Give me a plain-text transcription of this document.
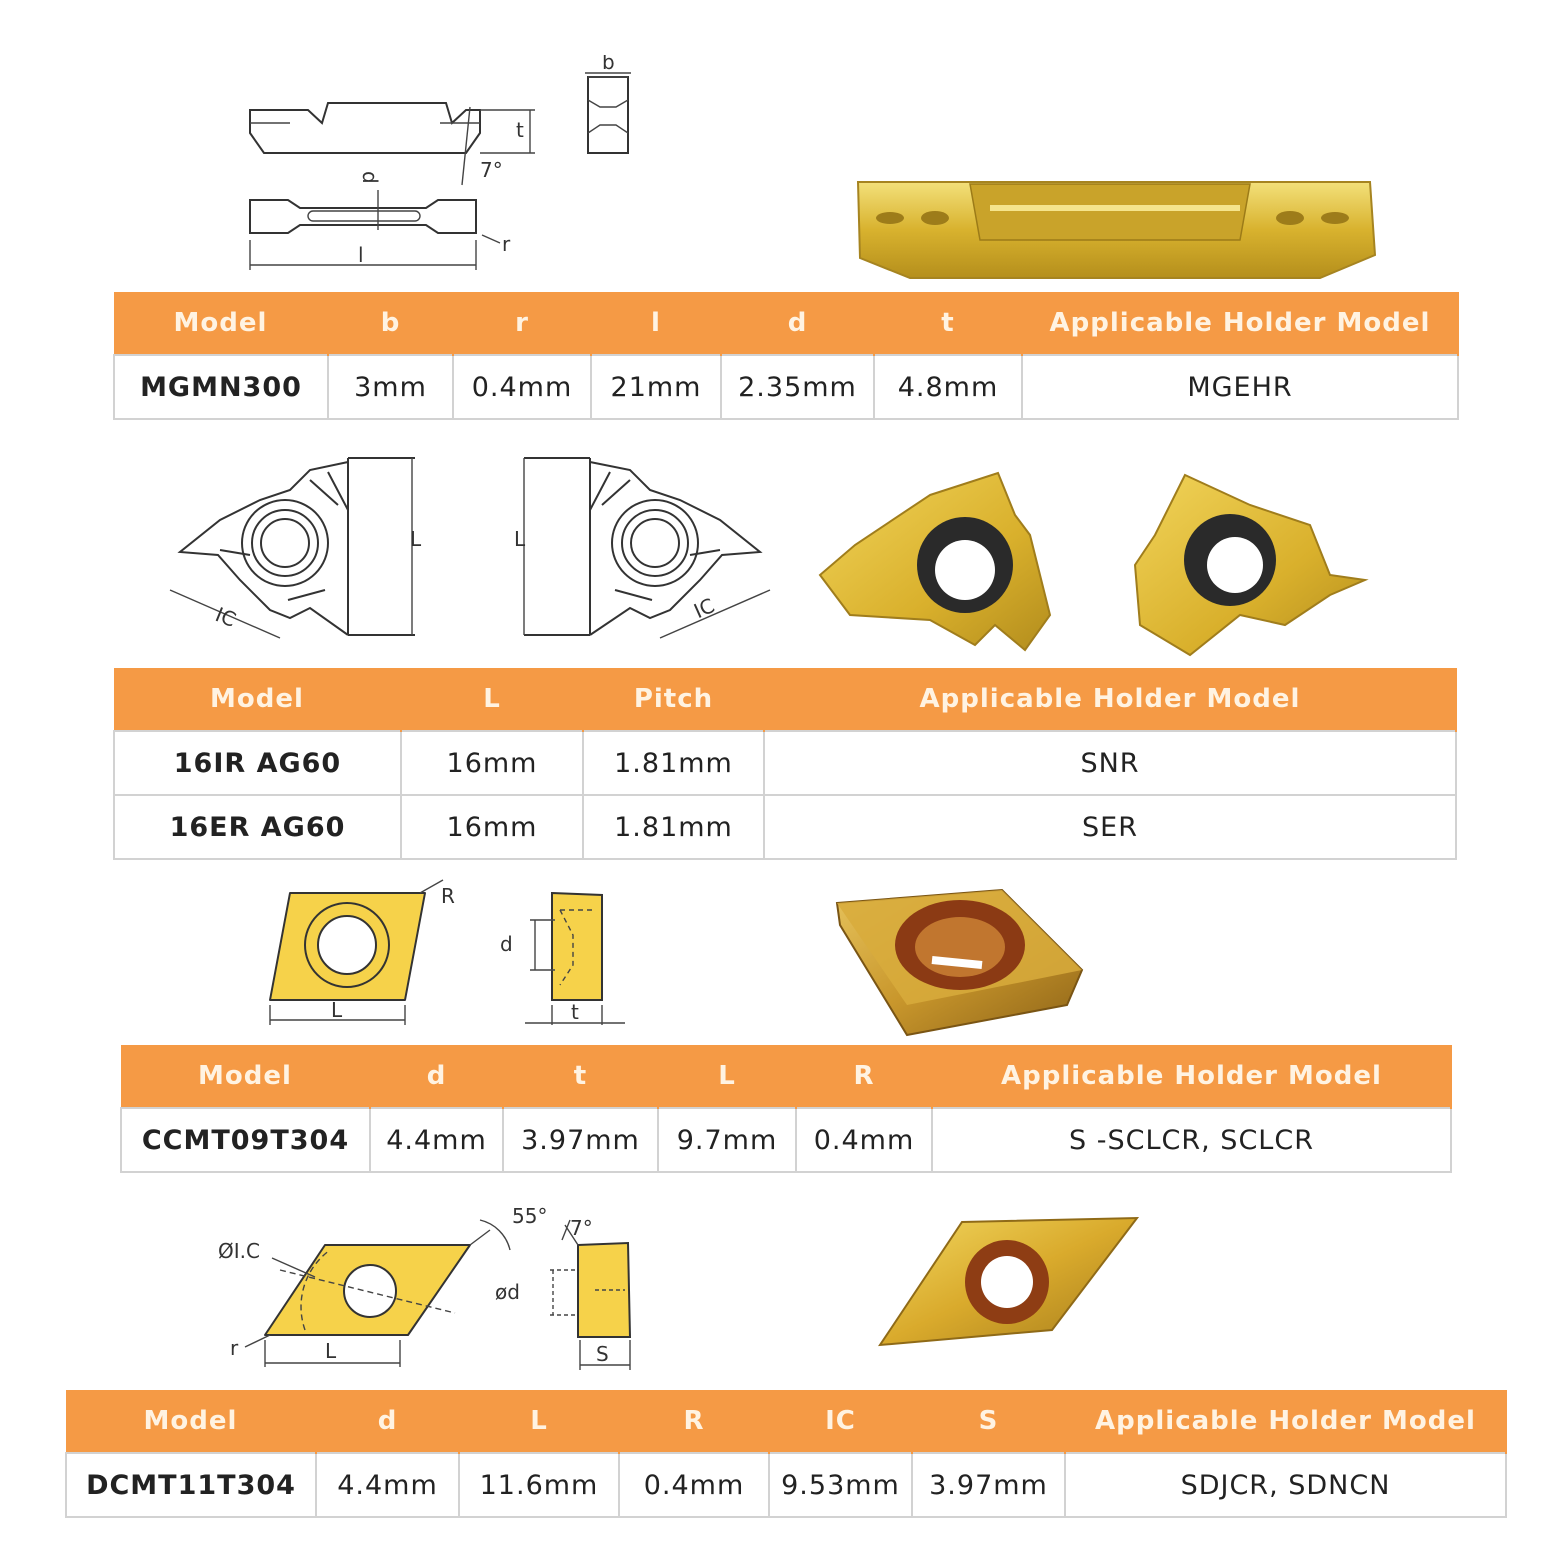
t
7°
d
l	r
b
Model	b	r	l	d	t	Applicable Holder Model
MGMN300	3mm	0.4mm	21mm	2.35mm	4.8mm	MGEHR
L
IC
L
IC
Model	L	Pitch	Applicable Holder Model
16IR AG60	16mm	1.81mm	SNR
16ER AG60	16mm	1.81mm	SER
R
L
d
t
Model	d	t	L	R	Applicable Holder Model
CCMT09T304	4.4mm	3.97mm	9.7mm	0.4mm	S -SCLCR, SCLCR
ØI.C
55°
r	L
7°
ød
S
Model	d	L	R	IC	S	Applicable Holder Model
DCMT11T304	4.4mm	11.6mm	0.4mm	9.53mm	3.97mm	SDJCR, SDNCN
